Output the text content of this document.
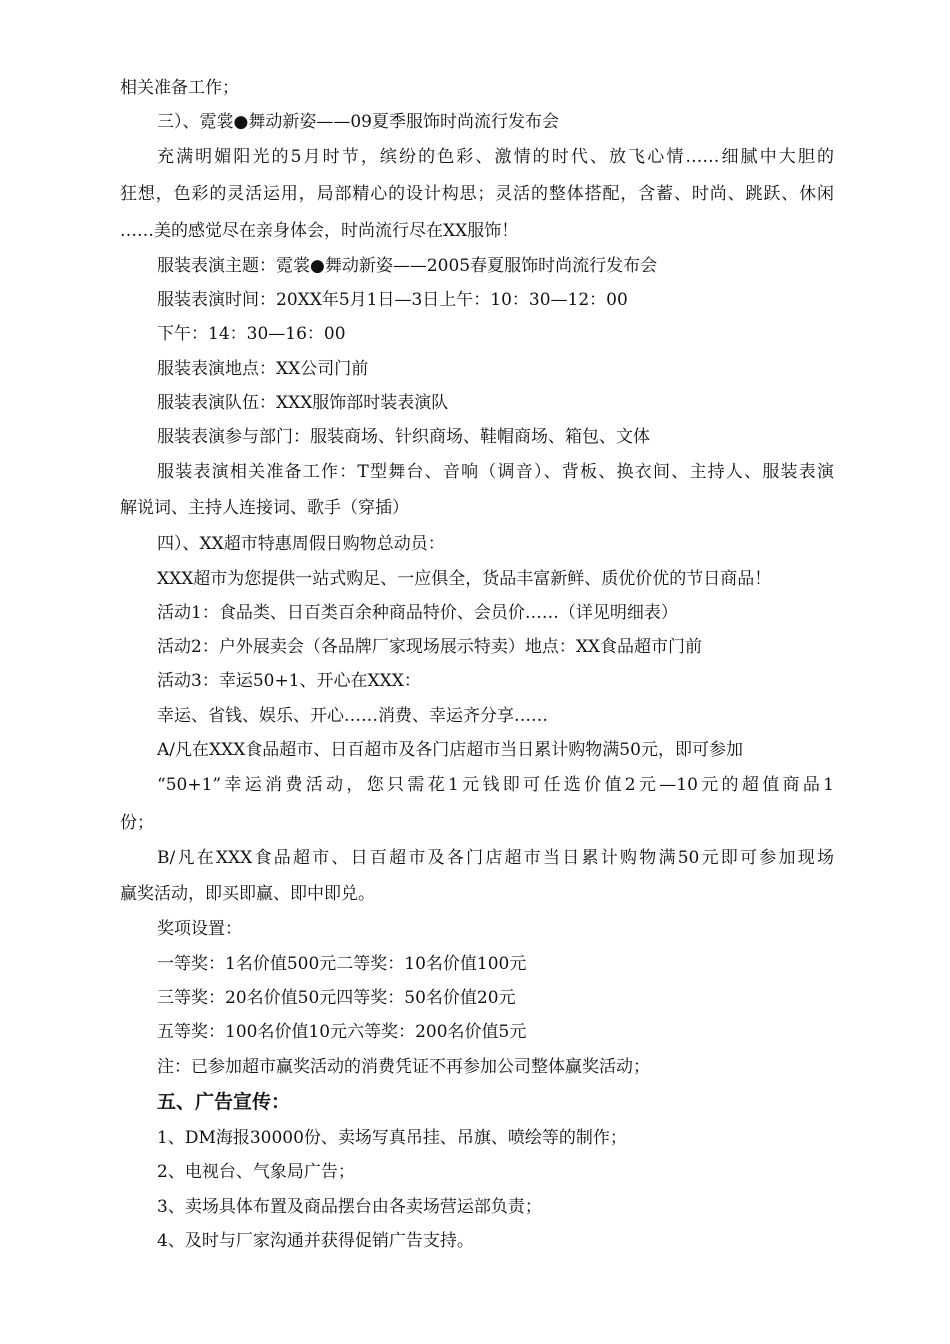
相关准备工作；
三）、霓裳●舞动新姿——09夏季服饰时尚流行发布会
充满明媚阳光的5月时节，缤纷的色彩、激情的时代、放飞心情……细腻中大胆的
狂想，色彩的灵活运用，局部精心的设计构思；灵活的整体搭配，含蓄、时尚、跳跃、休闲
……美的感觉尽在亲身体会，时尚流行尽在XX服饰！
服装表演主题：霓裳●舞动新姿——2005春夏服饰时尚流行发布会
服装表演时间：20XX年5月1日—3日上午：10：30—12：00
下午：14：30—16：00
服装表演地点：XX公司门前
服装表演队伍：XXX服饰部时装表演队
服装表演参与部门：服装商场、针织商场、鞋帽商场、箱包、文体
服装表演相关准备工作：T型舞台、音响（调音）、背板、换衣间、主持人、服装表演
解说词、主持人连接词、歌手（穿插）
四）、XX超市特惠周假日购物总动员：
XXX超市为您提供一站式购足、一应俱全，货品丰富新鲜、质优价优的节日商品！
活动1：食品类、日百类百余种商品特价、会员价……（详见明细表）
活动2：户外展卖会（各品牌厂家现场展示特卖）地点：XX食品超市门前
活动3：幸运50+1、开心在XXX：
幸运、省钱、娱乐、开心……消费、幸运齐分享……
A/凡在XXX食品超市、日百超市及各门店超市当日累计购物满50元，即可参加
“50+1”幸运消费活动，您只需花1元钱即可任选价值2元—10元的超值商品1
份；
B/凡在XXX食品超市、日百超市及各门店超市当日累计购物满50元即可参加现场
赢奖活动，即买即赢、即中即兑。
奖项设置：
一等奖：1名价值500元二等奖：10名价值100元
三等奖：20名价值50元四等奖：50名价值20元
五等奖：100名价值10元六等奖：200名价值5元
注：已参加超市赢奖活动的消费凭证不再参加公司整体赢奖活动；
五、广告宣传：
1、DM海报30000份、卖场写真吊挂、吊旗、喷绘等的制作；
2、电视台、气象局广告；
3、卖场具体布置及商品摆台由各卖场营运部负责；
4、及时与厂家沟通并获得促销广告支持。
